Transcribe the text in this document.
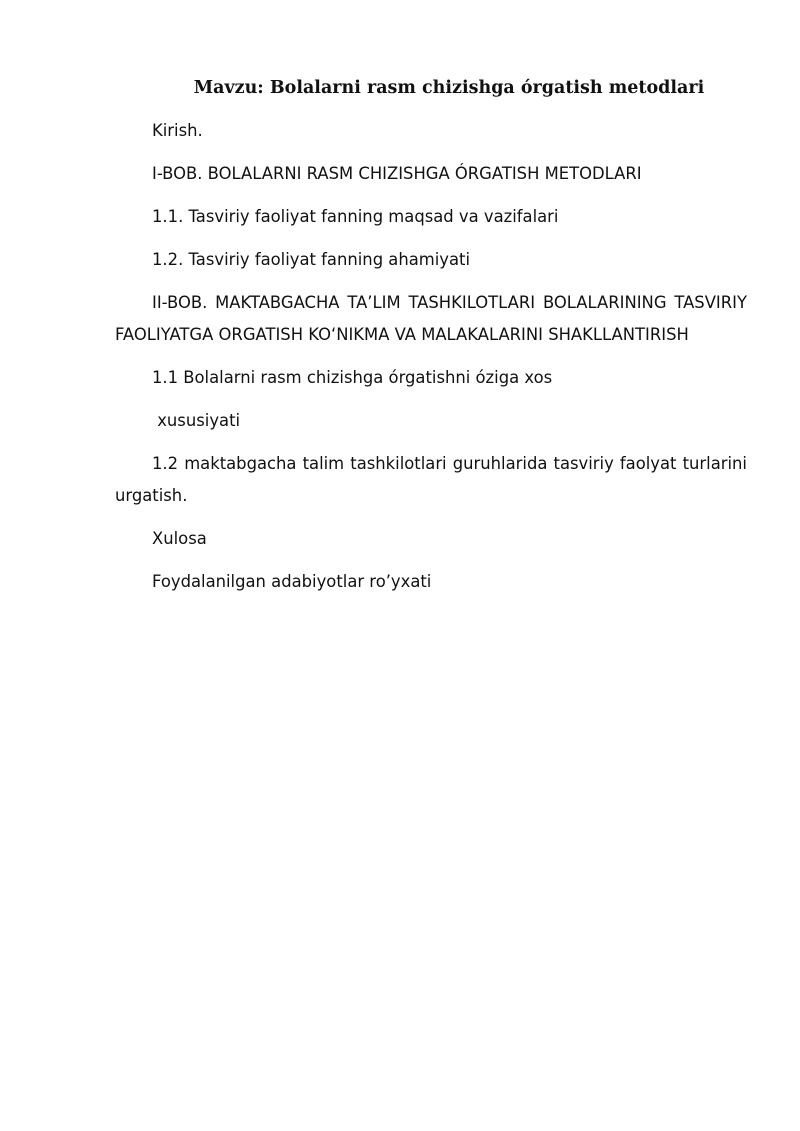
Mavzu: Bolalarni rasm chizishga órgatish metodlari

Kirish.

I-BOB. BOLALARNI RASM CHIZISHGA ÓRGATISH METODLARI

1.1. Tasviriy faoliyat fanning maqsad va vazifalari

1.2. Tasviriy faoliyat fanning ahamiyati

II-BOB. MAKTABGACHA TA’LIM TASHKILOTLARI BOLALARINING TASVIRIY FAOLIYATGA ORGATISH KOʻNIKMA VA MALAKALARINI SHAKLLANTIRISH

1.1 Bolalarni rasm chizishga órgatishni óziga xos

xususiyati

1.2 maktabgacha talim tashkilotlari guruhlarida tasviriy faolyat turlarini urgatish.

Xulosa

Foydalanilgan adabiyotlar ro’yxati
